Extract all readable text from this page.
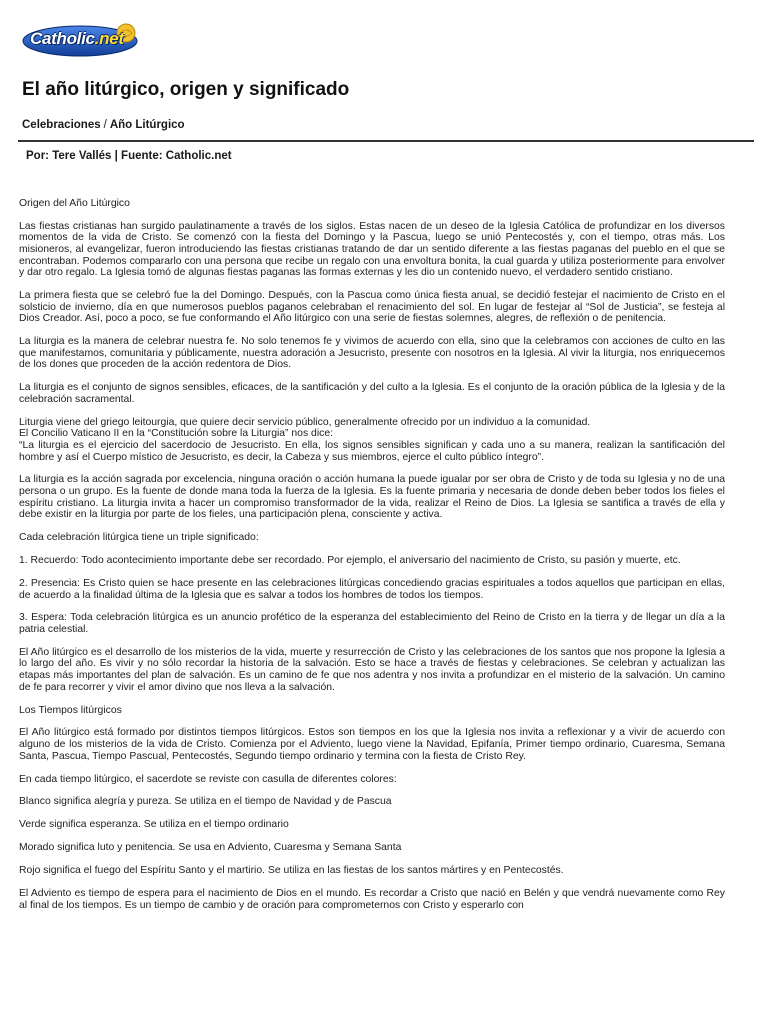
Catholic.net
El año litúrgico, origen y significado
Celebraciones / Año Litúrgico
Por: Tere Vallés | Fuente: Catholic.net

Origen del Año Litúrgico

Las fiestas cristianas han surgido paulatinamente a través de los siglos. Estas nacen de un deseo de la Iglesia Católica de profundizar en los diversos momentos de la vida de Cristo. Se comenzó con la fiesta del Domingo y la Pascua, luego se unió Pentecostés y, con el tiempo, otras más. Los misioneros, al evangelizar, fueron introduciendo las fiestas cristianas tratando de dar un sentido diferente a las fiestas paganas del pueblo en el que se encontraban. Podemos compararlo con una persona que recibe un regalo con una envoltura bonita, la cual guarda y utiliza posteriormente para envolver y dar otro regalo. La Iglesia tomó de algunas fiestas paganas las formas externas y les dio un contenido nuevo, el verdadero sentido cristiano.

La primera fiesta que se celebró fue la del Domingo. Después, con la Pascua como única fiesta anual, se decidió festejar el nacimiento de Cristo en el solsticio de invierno, día en que numerosos pueblos paganos celebraban el renacimiento del sol. En lugar de festejar al “Sol de Justicia”, se festeja al Dios Creador. Así, poco a poco, se fue conformando el Año litúrgico con una serie de fiestas solemnes, alegres, de reflexión o de penitencia.

La liturgia es la manera de celebrar nuestra fe. No solo tenemos fe y vivimos de acuerdo con ella, sino que la celebramos con acciones de culto en las que manifestamos, comunitaria y públicamente, nuestra adoración a Jesucristo, presente con nosotros en la Iglesia. Al vivir la liturgia, nos enriquecemos de los dones que proceden de la acción redentora de Dios.

La liturgia es el conjunto de signos sensibles, eficaces, de la santificación y del culto a la Iglesia. Es el conjunto de la oración pública de la Iglesia y de la celebración sacramental.

Liturgia viene del griego leitourgia, que quiere decir servicio público, generalmente ofrecido por un individuo a la comunidad.
El Concilio Vaticano II en la “Constitución sobre la Liturgia” nos dice:
“La liturgia es el ejercicio del sacerdocio de Jesucristo. En ella, los signos sensibles significan y cada uno a su manera, realizan la santificación del hombre y así el Cuerpo místico de Jesucristo, es decir, la Cabeza y sus miembros, ejerce el culto público íntegro”.

La liturgia es la acción sagrada por excelencia, ninguna oración o acción humana la puede igualar por ser obra de Cristo y de toda su Iglesia y no de una persona o un grupo. Es la fuente de donde mana toda la fuerza de la Iglesia. Es la fuente primaria y necesaria de donde deben beber todos los fieles el espíritu cristiano. La liturgia invita a hacer un compromiso transformador de la vida, realizar el Reino de Dios. La Iglesia se santifica a través de ella y debe existir en la liturgia por parte de los fieles, una participación plena, consciente y activa.

Cada celebración litúrgica tiene un triple significado:

1. Recuerdo: Todo acontecimiento importante debe ser recordado. Por ejemplo, el aniversario del nacimiento de Cristo, su pasión y muerte, etc.

2. Presencia: Es Cristo quien se hace presente en las celebraciones litúrgicas concediendo gracias espirituales a todos aquellos que participan en ellas, de acuerdo a la finalidad última de la Iglesia que es salvar a todos los hombres de todos los tiempos.

3. Espera: Toda celebración litúrgica es un anuncio profético de la esperanza del establecimiento del Reino de Cristo en la tierra y de llegar un día a la patria celestial.

El Año litúrgico es el desarrollo de los misterios de la vida, muerte y resurrección de Cristo y las celebraciones de los santos que nos propone la Iglesia a lo largo del año. Es vivir y no sólo recordar la historia de la salvación. Esto se hace a través de fiestas y celebraciones. Se celebran y actualizan las etapas más importantes del plan de salvación. Es un camino de fe que nos adentra y nos invita a profundizar en el misterio de la salvación. Un camino de fe para recorrer y vivir el amor divino que nos lleva a la salvación.

Los Tiempos litúrgicos

El Año litúrgico está formado por distintos tiempos litúrgicos. Estos son tiempos en los que la Iglesia nos invita a reflexionar y a vivir de acuerdo con alguno de los misterios de la vida de Cristo. Comienza por el Adviento, luego viene la Navidad, Epifanía, Primer tiempo ordinario, Cuaresma, Semana Santa, Pascua, Tiempo Pascual, Pentecostés, Segundo tiempo ordinario y termina con la fiesta de Cristo Rey.

En cada tiempo litúrgico, el sacerdote se reviste con casulla de diferentes colores:

Blanco significa alegría y pureza. Se utiliza en el tiempo de Navidad y de Pascua

Verde significa esperanza. Se utiliza en el tiempo ordinario

Morado significa luto y penitencia. Se usa en Adviento, Cuaresma y Semana Santa

Rojo significa el fuego del Espíritu Santo y el martirio. Se utiliza en las fiestas de los santos mártires y en Pentecostés.

El Adviento es tiempo de espera para el nacimiento de Dios en el mundo. Es recordar a Cristo que nació en Belén y que vendrá nuevamente como Rey al final de los tiempos. Es un tiempo de cambio y de oración para comprometernos con Cristo y esperarlo con
